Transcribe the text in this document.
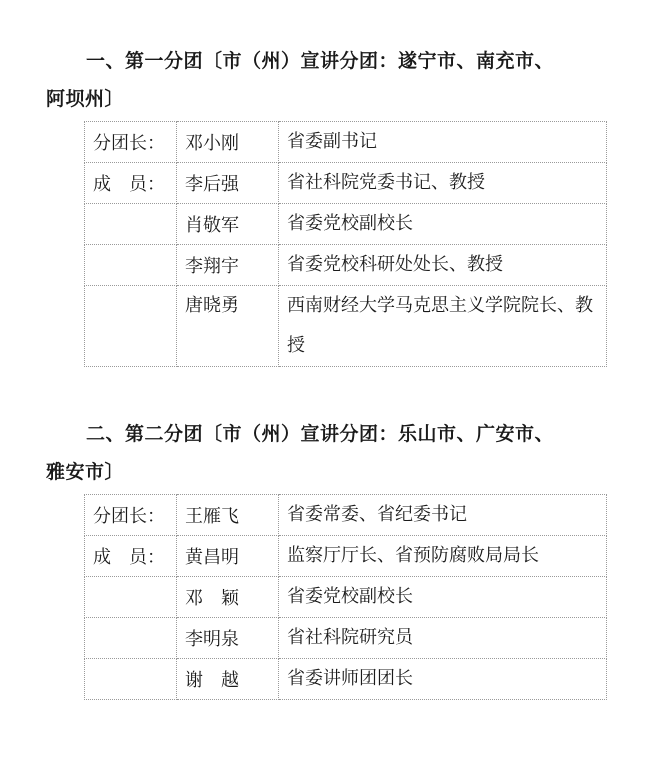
一、第一分团〔市（州）宣讲分团：遂宁市、南充市、
阿坝州〕
分团长：	邓小刚	省委副书记
成　员：	李后强	省社科院党委书记、教授
	肖敬军	省委党校副校长
	李翔宇	省委党校科研处处长、教授
	唐晓勇	西南财经大学马克思主义学院院长、教授
二、第二分团〔市（州）宣讲分团：乐山市、广安市、
雅安市〕
分团长：	王雁飞	省委常委、省纪委书记
成　员：	黄昌明	监察厅厅长、省预防腐败局局长
	邓　颖	省委党校副校长
	李明泉	省社科院研究员
	谢　越	省委讲师团团长
